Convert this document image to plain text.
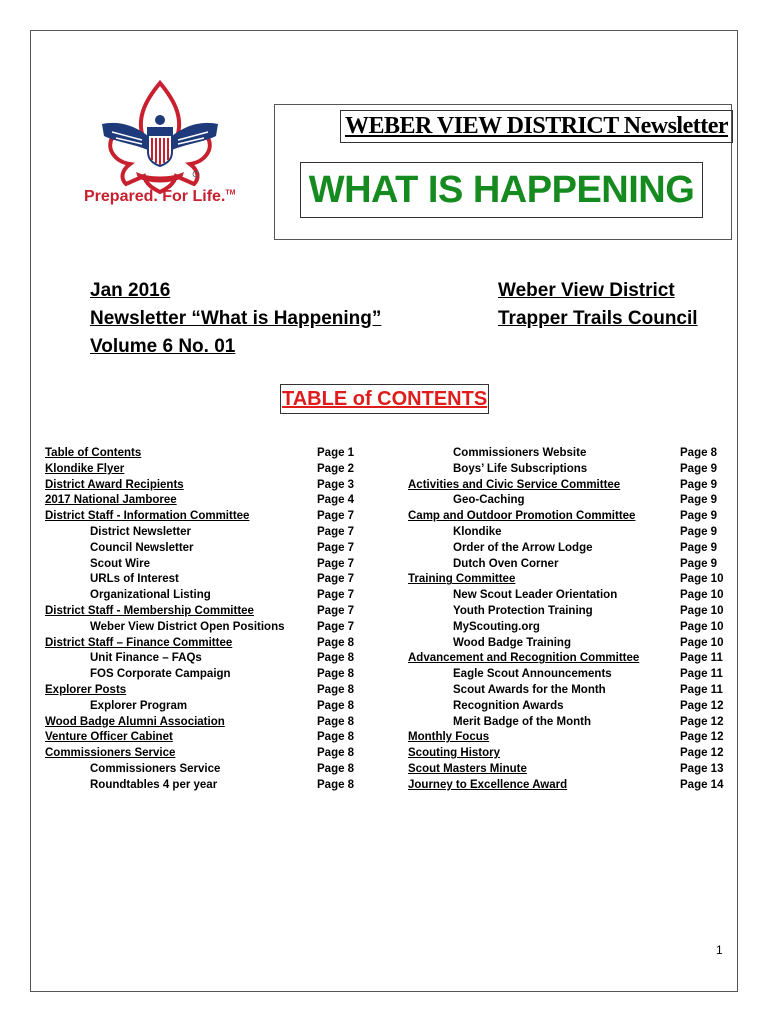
Prepared. For Life.™
WEBER VIEW DISTRICT Newsletter
WHAT IS HAPPENING
Jan 2016
Newsletter “What is Happening”
Volume 6 No. 01
Weber View District
Trapper Trails Council
TABLE of CONTENTS
Table of Contents	Page 1
Klondike Flyer	Page 2
District Award Recipients	Page 3
2017 National Jamboree	Page 4
District Staff - Information Committee	Page 7
District Newsletter	Page 7
Council Newsletter	Page 7
Scout Wire	Page 7
URLs of Interest	Page 7
Organizational Listing	Page 7
District Staff - Membership Committee	Page 7
Weber View District Open Positions	Page 7
District Staff – Finance Committee	Page 8
Unit Finance – FAQs	Page 8
FOS Corporate Campaign	Page 8
Explorer Posts	Page 8
Explorer Program	Page 8
Wood Badge Alumni Association	Page 8
Venture Officer Cabinet	Page 8
Commissioners Service	Page 8
Commissioners Service	Page 8
Roundtables 4 per year	Page 8
Commissioners Website	Page 8
Boys’ Life Subscriptions	Page 9
Activities and Civic Service Committee	Page 9
Geo-Caching	Page 9
Camp and Outdoor Promotion Committee	Page 9
Klondike	Page 9
Order of the Arrow Lodge	Page 9
Dutch Oven Corner	Page 9
Training Committee	Page 10
New Scout Leader Orientation	Page 10
Youth Protection Training	Page 10
MyScouting.org	Page 10
Wood Badge Training	Page 10
Advancement and Recognition Committee	Page 11
Eagle Scout Announcements	Page 11
Scout Awards for the Month	Page 11
Recognition Awards	Page 12
Merit Badge of the Month	Page 12
Monthly Focus	Page 12
Scouting History	Page 12
Scout Masters Minute	Page 13
Journey to Excellence Award	Page 14
1
